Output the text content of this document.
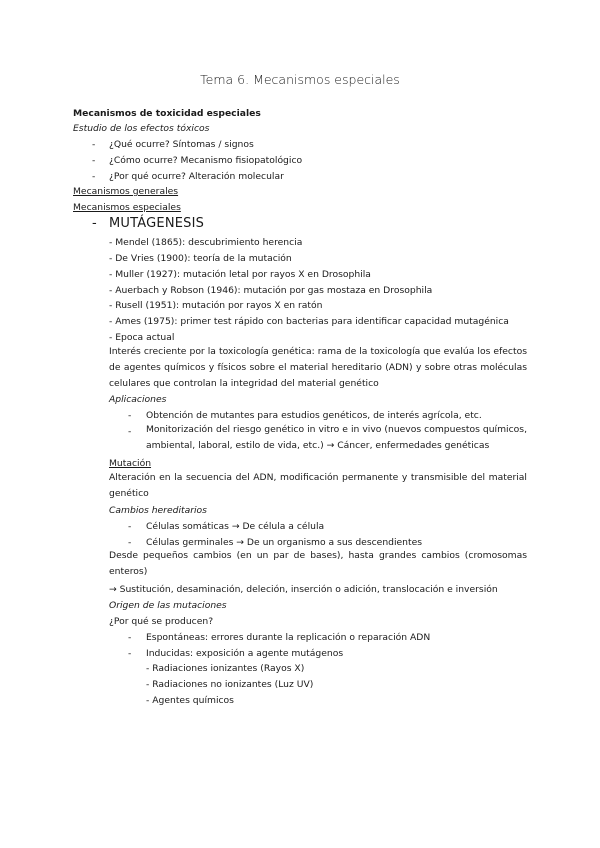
Tema 6. Mecanismos especiales
Mecanismos de toxicidad especiales
Estudio de los efectos tóxicos
- ¿Qué ocurre? Síntomas / signos
- ¿Cómo ocurre? Mecanismo fisiopatológico
- ¿Por qué ocurre? Alteración molecular
Mecanismos generales
Mecanismos especiales
- MUTÁGENESIS
- Mendel (1865): descubrimiento herencia
- De Vries (1900): teoría de la mutación
- Muller (1927): mutación letal por rayos X en Drosophila
- Auerbach y Robson (1946): mutación por gas mostaza en Drosophila
- Rusell (1951): mutación por rayos X en ratón
- Ames (1975): primer test rápido con bacterias para identificar capacidad mutagénica
- Epoca actual
Interés creciente por la toxicología genética: rama de la toxicología que evalúa los efectos de agentes químicos y físicos sobre el material hereditario (ADN) y sobre otras moléculas celulares que controlan la integridad del material genético
Aplicaciones
- Obtención de mutantes para estudios genéticos, de interés agrícola, etc.
- Monitorización del riesgo genético in vitro e in vivo (nuevos compuestos químicos, ambiental, laboral, estilo de vida, etc.) → Cáncer, enfermedades genéticas
Mutación
Alteración en la secuencia del ADN, modificación permanente y transmisible del material genético
Cambios hereditarios
- Células somáticas → De célula a célula
- Células germinales → De un organismo a sus descendientes
Desde pequeños cambios (en un par de bases), hasta grandes cambios (cromosomas enteros)
→ Sustitución, desaminación, deleción, inserción o adición, translocación e inversión
Origen de las mutaciones
¿Por qué se producen?
- Espontáneas: errores durante la replicación o reparación ADN
- Inducidas: exposición a agente mutágenos
- Radiaciones ionizantes (Rayos X)
- Radiaciones no ionizantes (Luz UV)
- Agentes químicos
